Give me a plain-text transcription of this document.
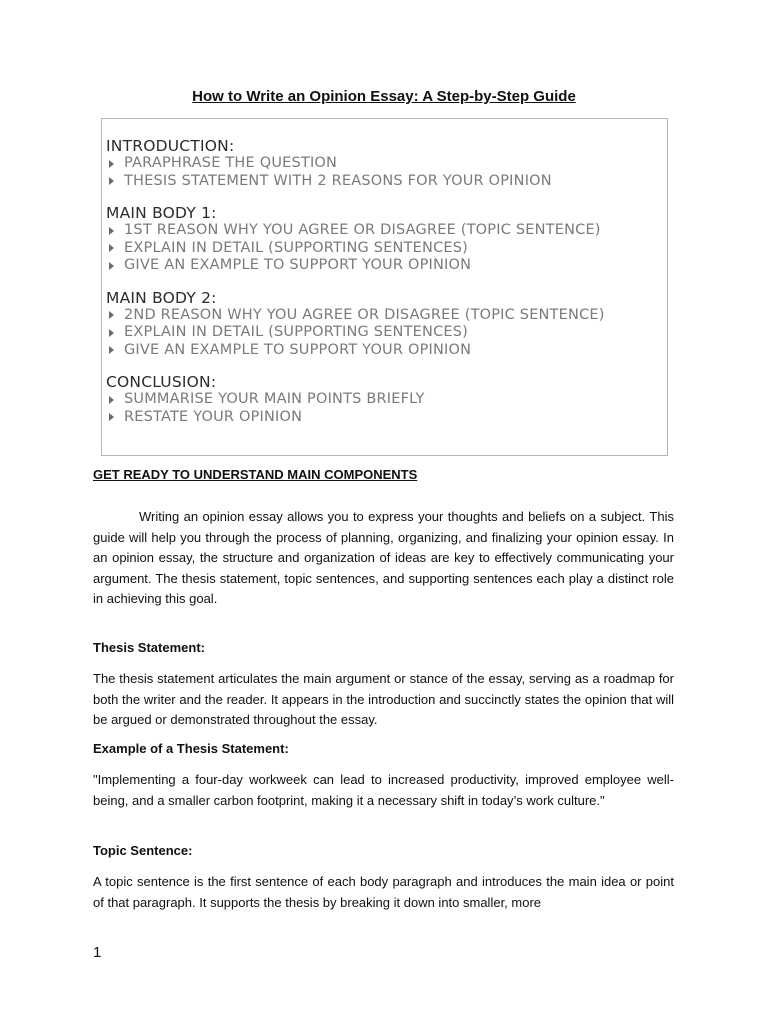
How to Write an Opinion Essay: A Step-by-Step Guide

INTRODUCTION:

PARAPHRASE THE QUESTION
THESIS STATEMENT WITH 2 REASONS FOR YOUR OPINION

MAIN BODY 1:

1ST REASON WHY YOU AGREE OR DISAGREE (TOPIC SENTENCE)
EXPLAIN IN DETAIL (SUPPORTING SENTENCES)
GIVE AN EXAMPLE TO SUPPORT YOUR OPINION

MAIN BODY 2:

2ND REASON WHY YOU AGREE OR DISAGREE (TOPIC SENTENCE)
EXPLAIN IN DETAIL (SUPPORTING SENTENCES)
GIVE AN EXAMPLE TO SUPPORT YOUR OPINION

CONCLUSION:

SUMMARISE YOUR MAIN POINTS BRIEFLY
RESTATE YOUR OPINION
GET READY TO UNDERSTAND MAIN COMPONENTS

Writing an opinion essay allows you to express your thoughts and beliefs on a subject. This guide will help you through the process of planning, organizing, and finalizing your opinion essay. In an opinion essay, the structure and organization of ideas are key to effectively communicating your argument. The thesis statement, topic sentences, and supporting sentences each play a distinct role in achieving this goal.

Thesis Statement:

The thesis statement articulates the main argument or stance of the essay, serving as a roadmap for both the writer and the reader. It appears in the introduction and succinctly states the opinion that will be argued or demonstrated throughout the essay.

Example of a Thesis Statement:

"Implementing a four-day workweek can lead to increased productivity, improved employee well-being, and a smaller carbon footprint, making it a necessary shift in today’s work culture."

Topic Sentence:

A topic sentence is the first sentence of each body paragraph and introduces the main idea or point of that paragraph. It supports the thesis by breaking it down into smaller, more

1
